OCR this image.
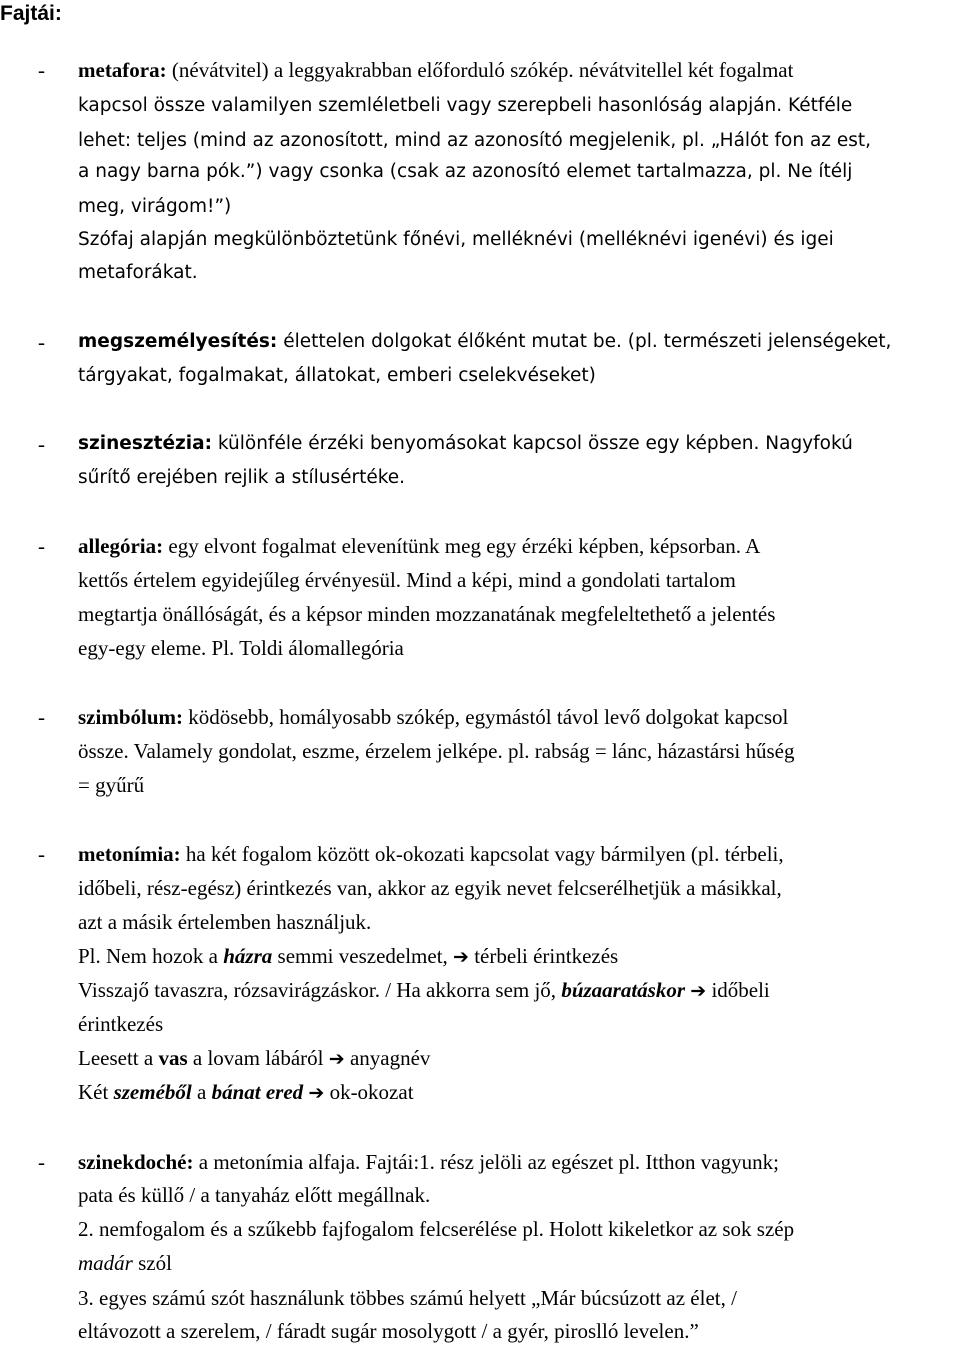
Fajtái:
- metafora: (névátvitel) a leggyakrabban előforduló szókép. névátvitellel két fogalmat
kapcsol össze valamilyen szemléletbeli vagy szerepbeli hasonlóság alapján. Kétféle
lehet: teljes (mind az azonosított, mind az azonosító megjelenik, pl. „Hálót fon az est,
a nagy barna pók.”) vagy csonka (csak az azonosító elemet tartalmazza, pl. Ne ítélj
meg, virágom!”)
Szófaj alapján megkülönböztetünk főnévi, melléknévi (melléknévi igenévi) és igei
metaforákat.
- megszemélyesítés: élettelen dolgokat élőként mutat be. (pl. természeti jelenségeket,
tárgyakat, fogalmakat, állatokat, emberi cselekvéseket)
- szinesztézia: különféle érzéki benyomásokat kapcsol össze egy képben. Nagyfokú
sűrítő erejében rejlik a stílusértéke.
- allegória: egy elvont fogalmat elevenítünk meg egy érzéki képben, képsorban. A
kettős értelem egyidejűleg érvényesül. Mind a képi, mind a gondolati tartalom
megtartja önállóságát, és a képsor minden mozzanatának megfeleltethető a jelentés
egy-egy eleme. Pl. Toldi álomallegória
- szimbólum: ködösebb, homályosabb szókép, egymástól távol levő dolgokat kapcsol
össze. Valamely gondolat, eszme, érzelem jelképe. pl. rabság = lánc, házastársi hűség
= gyűrű
- metonímia: ha két fogalom között ok-okozati kapcsolat vagy bármilyen (pl. térbeli,
időbeli, rész-egész) érintkezés van, akkor az egyik nevet felcserélhetjük a másikkal,
azt a másik értelemben használjuk.
Pl. Nem hozok a házra semmi veszedelmet, ➔ térbeli érintkezés
Visszajő tavaszra, rózsavirágzáskor. / Ha akkorra sem jő, búzaaratáskor ➔ időbeli
érintkezés
Leesett a vas a lovam lábáról ➔ anyagnév
Két szeméből a bánat ered ➔ ok-okozat
- szinekdoché: a metonímia alfaja. Fajtái:1. rész jelöli az egészet pl. Itthon vagyunk;
pata és küllő / a tanyaház előtt megállnak.
2. nemfogalom és a szűkebb fajfogalom felcserélése pl. Holott kikeletkor az sok szép
madár szól
3. egyes számú szót használunk többes számú helyett „Már búcsúzott az élet, /
eltávozott a szerelem, / fáradt sugár mosolygott / a gyér, piroslló levelen.”
